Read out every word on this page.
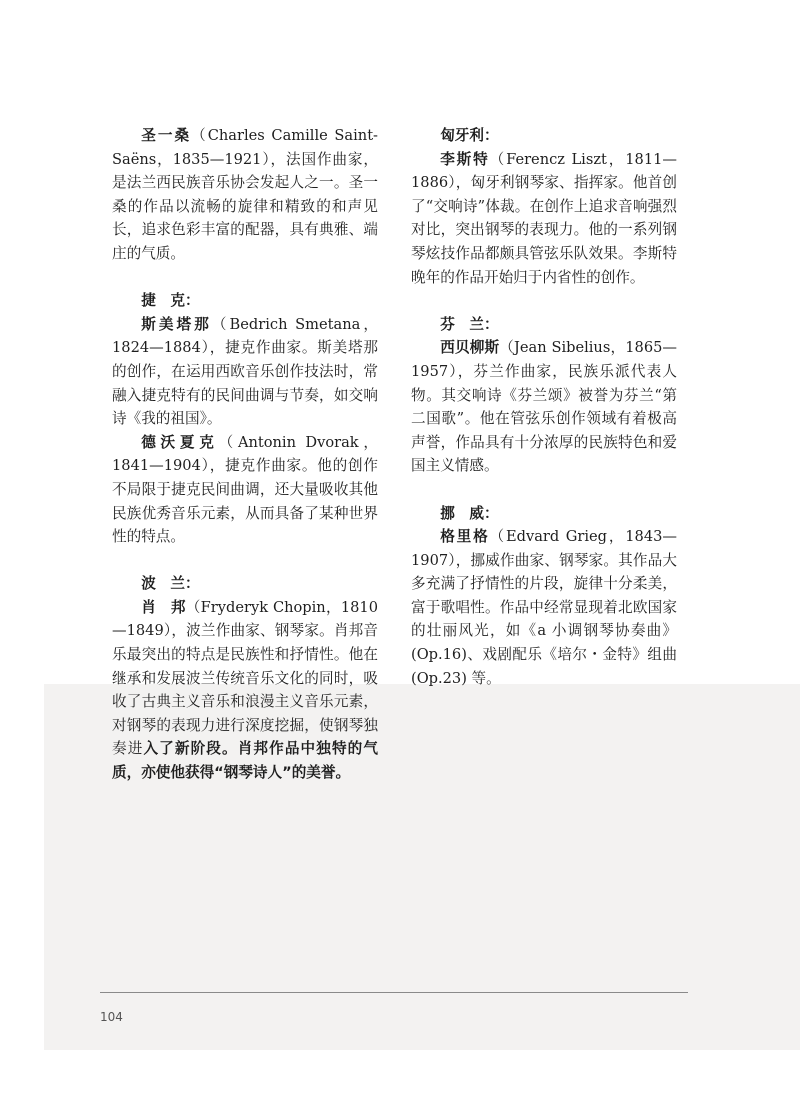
圣一桑（Charles Camille Saint-Saëns，1835—1921），法国作曲家，是法兰西民族音乐协会发起人之一。圣一桑的作品以流畅的旋律和精致的和声见长，追求色彩丰富的配器，具有典雅、端庄的气质。

捷　克：

斯美塔那（Bedrich Smetana，1824—1884），捷克作曲家。斯美塔那的创作，在运用西欧音乐创作技法时，常融入捷克特有的民间曲调与节奏，如交响诗《我的祖国》。

德沃夏克（Antonin Dvorak，1841—1904），捷克作曲家。他的创作不局限于捷克民间曲调，还大量吸收其他民族优秀音乐元素，从而具备了某种世界性的特点。

波　兰：

肖　邦（Fryderyk Chopin，1810—1849），波兰作曲家、钢琴家。肖邦音乐最突出的特点是民族性和抒情性。他在继承和发展波兰传统音乐文化的同时，吸收了古典主义音乐和浪漫主义音乐元素，对钢琴的表现力进行深度挖掘，使钢琴独奏进入了新阶段。肖邦作品中独特的气质，亦使他获得“钢琴诗人”的美誉。

匈牙利：

李斯特（Ferencz Liszt，1811—1886），匈牙利钢琴家、指挥家。他首创了“交响诗”体裁。在创作上追求音响强烈对比，突出钢琴的表现力。他的一系列钢琴炫技作品都颇具管弦乐队效果。李斯特晚年的作品开始归于内省性的创作。

芬　兰：

西贝柳斯（Jean Sibelius，1865—1957），芬兰作曲家，民族乐派代表人物。其交响诗《芬兰颂》被誉为芬兰“第二国歌”。他在管弦乐创作领域有着极高声誉，作品具有十分浓厚的民族特色和爱国主义情感。

挪　威：

格里格（Edvard Grieg，1843—1907），挪威作曲家、钢琴家。其作品大多充满了抒情性的片段，旋律十分柔美，富于歌唱性。作品中经常显现着北欧国家的壮丽风光，如《a 小调钢琴协奏曲》(Op.16)、戏剧配乐《培尔・金特》组曲 (Op.23) 等。

104
